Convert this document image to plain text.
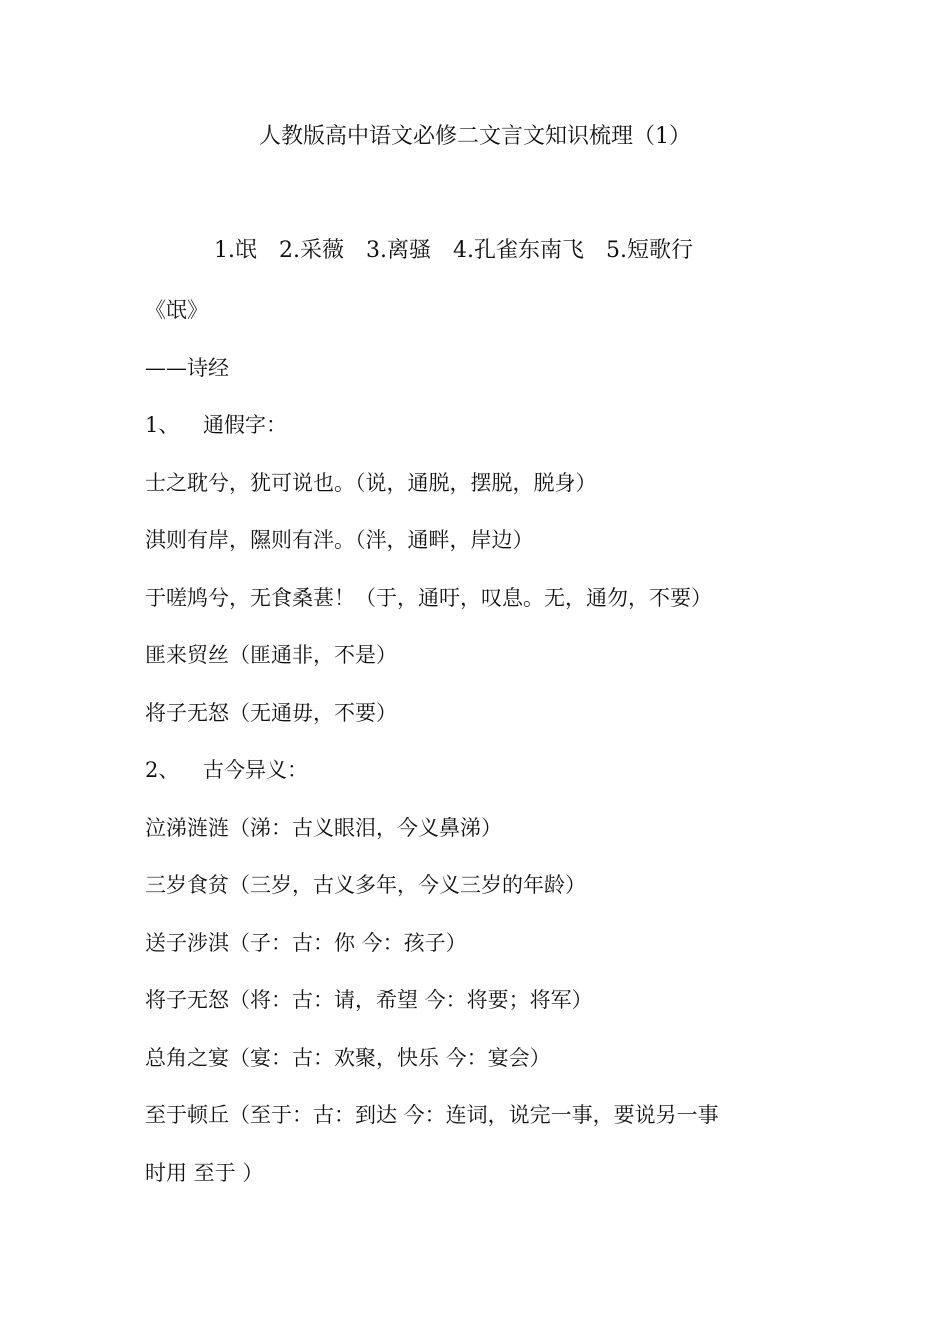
人教版高中语文必修二文言文知识梳理（1）
1.氓　2.采薇　3.离骚　4.孔雀东南飞　5.短歌行
《氓》
——诗经
1、 通假字：
士之耽兮，犹可说也。（说，通脱，摆脱，脱身）
淇则有岸，隰则有泮。（泮，通畔，岸边）
于嗟鸠兮，无食桑葚！（于，通吁，叹息。无，通勿，不要）
匪来贸丝（匪通非，不是）
将子无怒（无通毋，不要）
2、 古今异义：
泣涕涟涟（涕：古义眼泪，今义鼻涕）
三岁食贫（三岁，古义多年，今义三岁的年龄）
送子涉淇（子：古：你 今：孩子）
将子无怒（将：古：请，希望 今：将要；将军）
总角之宴（宴：古：欢聚，快乐 今：宴会）
至于顿丘（至于：古：到达 今：连词，说完一事，要说另一事
时用 至于 ）
